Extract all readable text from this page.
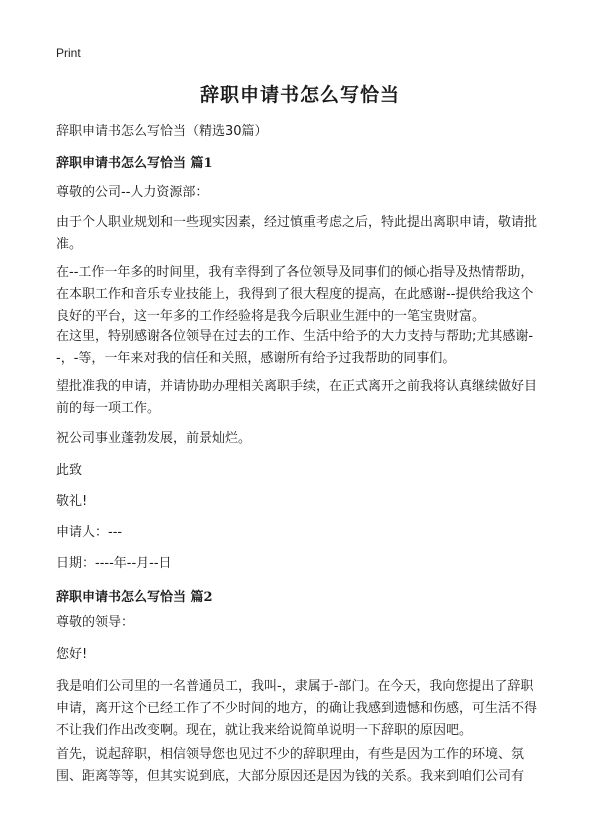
Print
辞职申请书怎么写恰当
辞职申请书怎么写恰当（精选30篇）
辞职申请书怎么写恰当 篇1

尊敬的公司--人力资源部：

由于个人职业规划和一些现实因素，经过慎重考虑之后，特此提出离职申请，敬请批准。

在--工作一年多的时间里，我有幸得到了各位领导及同事们的倾心指导及热情帮助，在本职工作和音乐专业技能上，我得到了很大程度的提高，在此感谢--提供给我这个良好的平台，这一年多的工作经验将是我今后职业生涯中的一笔宝贵财富。

在这里，特别感谢各位领导在过去的工作、生活中给予的大力支持与帮助;尤其感谢--，-等，一年来对我的信任和关照，感谢所有给予过我帮助的同事们。

望批准我的申请，并请协助办理相关离职手续，在正式离开之前我将认真继续做好目前的每一项工作。

祝公司事业蓬勃发展，前景灿烂。

此致

敬礼!

申请人：---

日期：----年--月--日

辞职申请书怎么写恰当 篇2

尊敬的领导：

您好!

我是咱们公司里的一名普通员工，我叫-，隶属于-部门。在今天，我向您提出了辞职申请，离开这个已经工作了不少时间的地方，的确让我感到遗憾和伤感，可生活不得不让我们作出改变啊。现在，就让我来给说简单说明一下辞职的原因吧。

首先，说起辞职，相信领导您也见过不少的辞职理由，有些是因为工作的环境、氛围、距离等等，但其实说到底，大部分原因还是因为钱的关系。我来到咱们公司有
